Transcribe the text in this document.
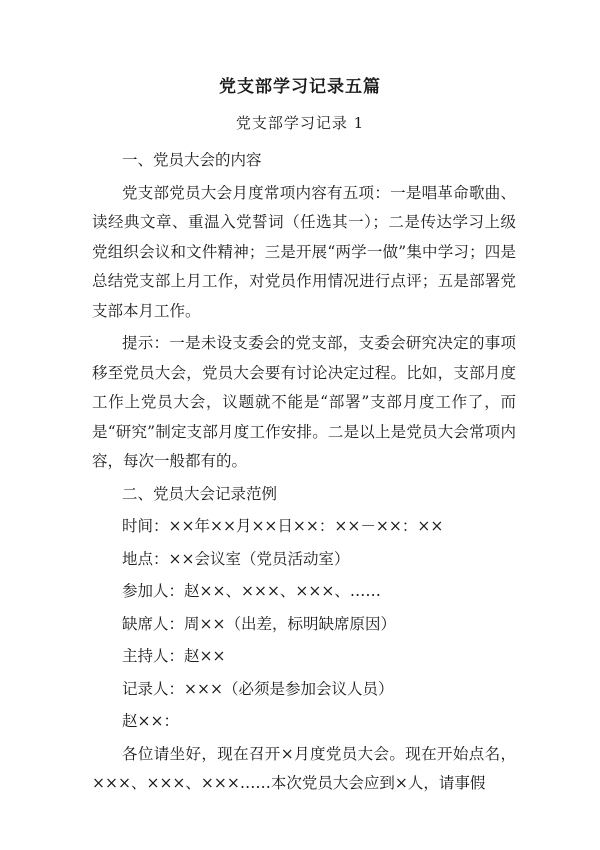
党支部学习记录五篇
党支部学习记录 1

一、党员大会的内容

党支部党员大会月度常项内容有五项：一是唱革命歌曲、读经典文章、重温入党誓词（任选其一）；二是传达学习上级党组织会议和文件精神；三是开展“两学一做”集中学习；四是总结党支部上月工作，对党员作用情况进行点评；五是部署党支部本月工作。

提示：一是未设支委会的党支部，支委会研究决定的事项移至党员大会，党员大会要有讨论决定过程。比如，支部月度工作上党员大会，议题就不能是“部署”支部月度工作了，而是“研究”制定支部月度工作安排。二是以上是党员大会常项内容，每次一般都有的。

二、党员大会记录范例

时间：××年××月××日××：××－××：××

地点：××会议室（党员活动室）

参加人：赵××、×××、×××、……

缺席人：周××（出差，标明缺席原因）

主持人：赵××

记录人：×××（必须是参加会议人员）

赵××：

各位请坐好，现在召开×月度党员大会。现在开始点名，×××、×××、×××……本次党员大会应到×人，请事假
